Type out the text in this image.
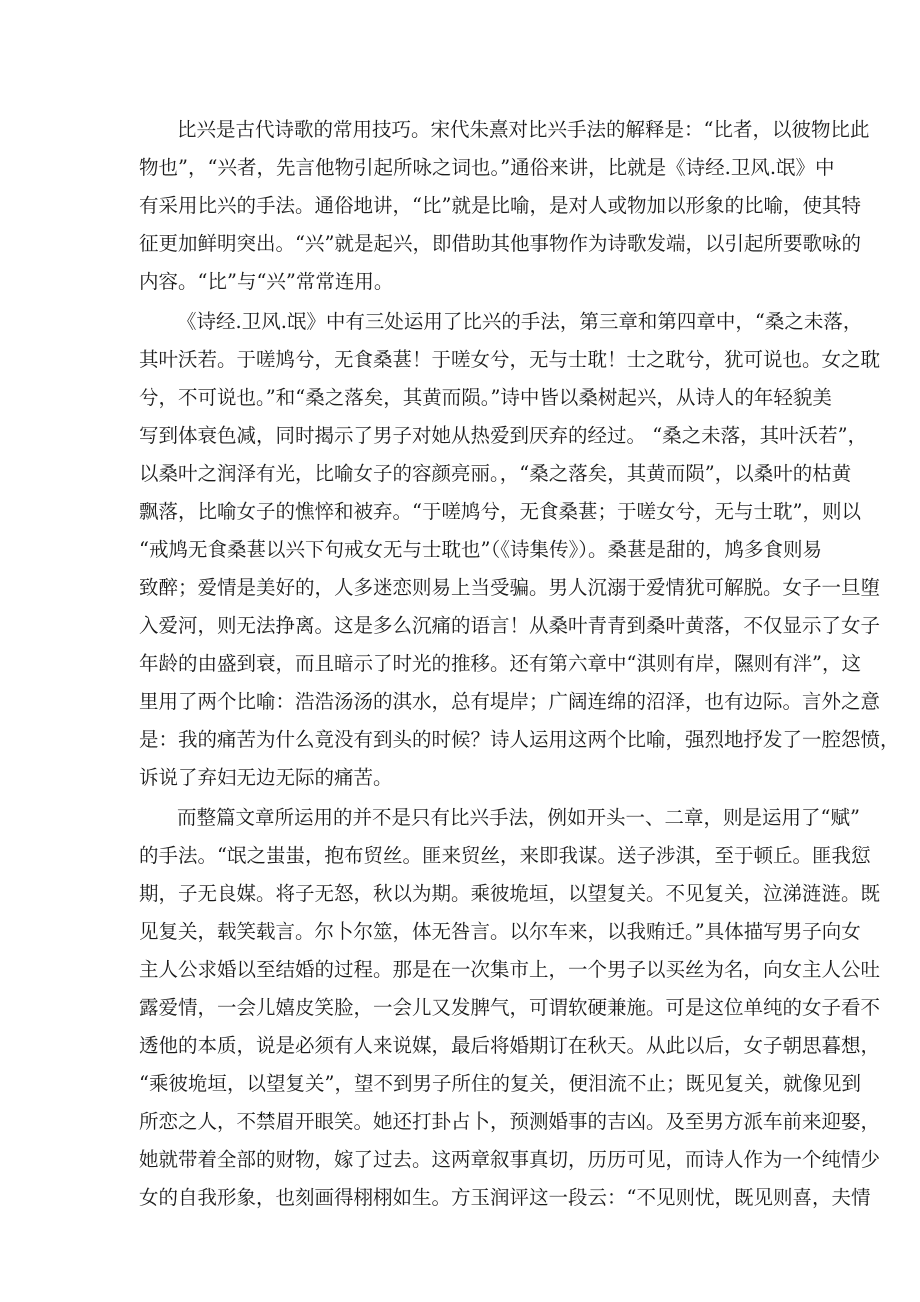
比兴是古代诗歌的常用技巧。宋代朱熹对比兴手法的解释是：“比者，以彼物比此
物也”，“兴者，先言他物引起所咏之词也。”通俗来讲，比就是《诗经.卫风.氓》中
有采用比兴的手法。通俗地讲，“比”就是比喻，是对人或物加以形象的比喻，使其特
征更加鲜明突出。“兴”就是起兴，即借助其他事物作为诗歌发端，以引起所要歌咏的
内容。“比”与“兴”常常连用。
《诗经.卫风.氓》中有三处运用了比兴的手法，第三章和第四章中，“桑之未落，
其叶沃若。于嗟鸠兮，无食桑葚！于嗟女兮，无与士耽！士之耽兮，犹可说也。女之耽
兮，不可说也。”和“桑之落矣，其黄而陨。”诗中皆以桑树起兴，从诗人的年轻貌美
写到体衰色减，同时揭示了男子对她从热爱到厌弃的经过。 “桑之未落，其叶沃若”，
以桑叶之润泽有光，比喻女子的容颜亮丽。，“桑之落矣，其黄而陨”，以桑叶的枯黄
飘落，比喻女子的憔悴和被弃。“于嗟鸠兮，无食桑葚；于嗟女兮，无与士耽”，则以
“戒鸠无食桑葚以兴下句戒女无与士耽也”（《诗集传》）。桑葚是甜的，鸠多食则易
致醉；爱情是美好的，人多迷恋则易上当受骗。男人沉溺于爱情犹可解脱。女子一旦堕
入爱河，则无法挣离。这是多么沉痛的语言！从桑叶青青到桑叶黄落，不仅显示了女子
年龄的由盛到衰，而且暗示了时光的推移。还有第六章中“淇则有岸，隰则有泮”，这
里用了两个比喻：浩浩汤汤的淇水，总有堤岸；广阔连绵的沼泽，也有边际。言外之意
是：我的痛苦为什么竟没有到头的时候？诗人运用这两个比喻，强烈地抒发了一腔怨愤，
诉说了弃妇无边无际的痛苦。
而整篇文章所运用的并不是只有比兴手法，例如开头一、二章，则是运用了“赋”
的手法。“氓之蚩蚩，抱布贸丝。匪来贸丝，来即我谋。送子涉淇，至于顿丘。匪我愆
期，子无良媒。将子无怒，秋以为期。乘彼垝垣，以望复关。不见复关，泣涕涟涟。既
见复关，载笑载言。尔卜尔筮，体无咎言。以尔车来，以我贿迁。”具体描写男子向女
主人公求婚以至结婚的过程。那是在一次集市上，一个男子以买丝为名，向女主人公吐
露爱情，一会儿嬉皮笑脸，一会儿又发脾气，可谓软硬兼施。可是这位单纯的女子看不
透他的本质，说是必须有人来说媒，最后将婚期订在秋天。从此以后，女子朝思暮想，
“乘彼垝垣，以望复关”，望不到男子所住的复关，便泪流不止；既见复关，就像见到
所恋之人，不禁眉开眼笑。她还打卦占卜，预测婚事的吉凶。及至男方派车前来迎娶，
她就带着全部的财物，嫁了过去。这两章叙事真切，历历可见，而诗人作为一个纯情少
女的自我形象，也刻画得栩栩如生。方玉润评这一段云：“不见则忧，既见则喜，夫情
